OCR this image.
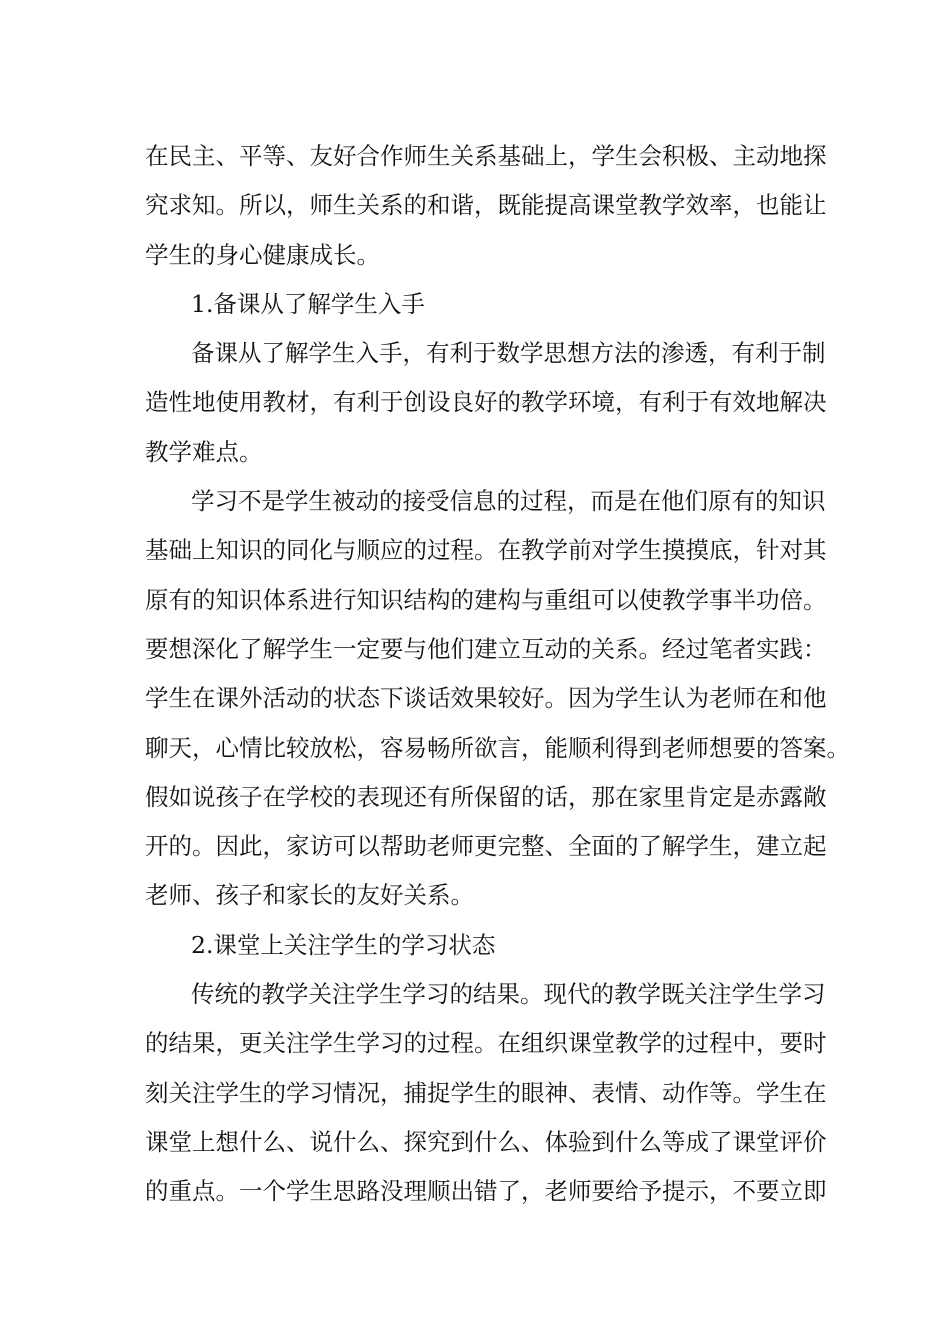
在民主、平等、友好合作师生关系基础上，学生会积极、主动地探
究求知。所以，师生关系的和谐，既能提高课堂教学效率，也能让
学生的身心健康成长。
1.备课从了解学生入手
备课从了解学生入手，有利于数学思想方法的渗透，有利于制
造性地使用教材，有利于创设良好的教学环境，有利于有效地解决
教学难点。
学习不是学生被动的接受信息的过程，而是在他们原有的知识
基础上知识的同化与顺应的过程。在教学前对学生摸摸底，针对其
原有的知识体系进行知识结构的建构与重组可以使教学事半功倍。
要想深化了解学生一定要与他们建立互动的关系。经过笔者实践：
学生在课外活动的状态下谈话效果较好。因为学生认为老师在和他
聊天，心情比较放松，容易畅所欲言，能顺利得到老师想要的答案。
假如说孩子在学校的表现还有所保留的话，那在家里肯定是赤露敞
开的。因此，家访可以帮助老师更完整、全面的了解学生，建立起
老师、孩子和家长的友好关系。
2.课堂上关注学生的学习状态
传统的教学关注学生学习的结果。现代的教学既关注学生学习
的结果，更关注学生学习的过程。在组织课堂教学的过程中，要时
刻关注学生的学习情况，捕捉学生的眼神、表情、动作等。学生在
课堂上想什么、说什么、探究到什么、体验到什么等成了课堂评价
的重点。一个学生思路没理顺出错了，老师要给予提示，不要立即
